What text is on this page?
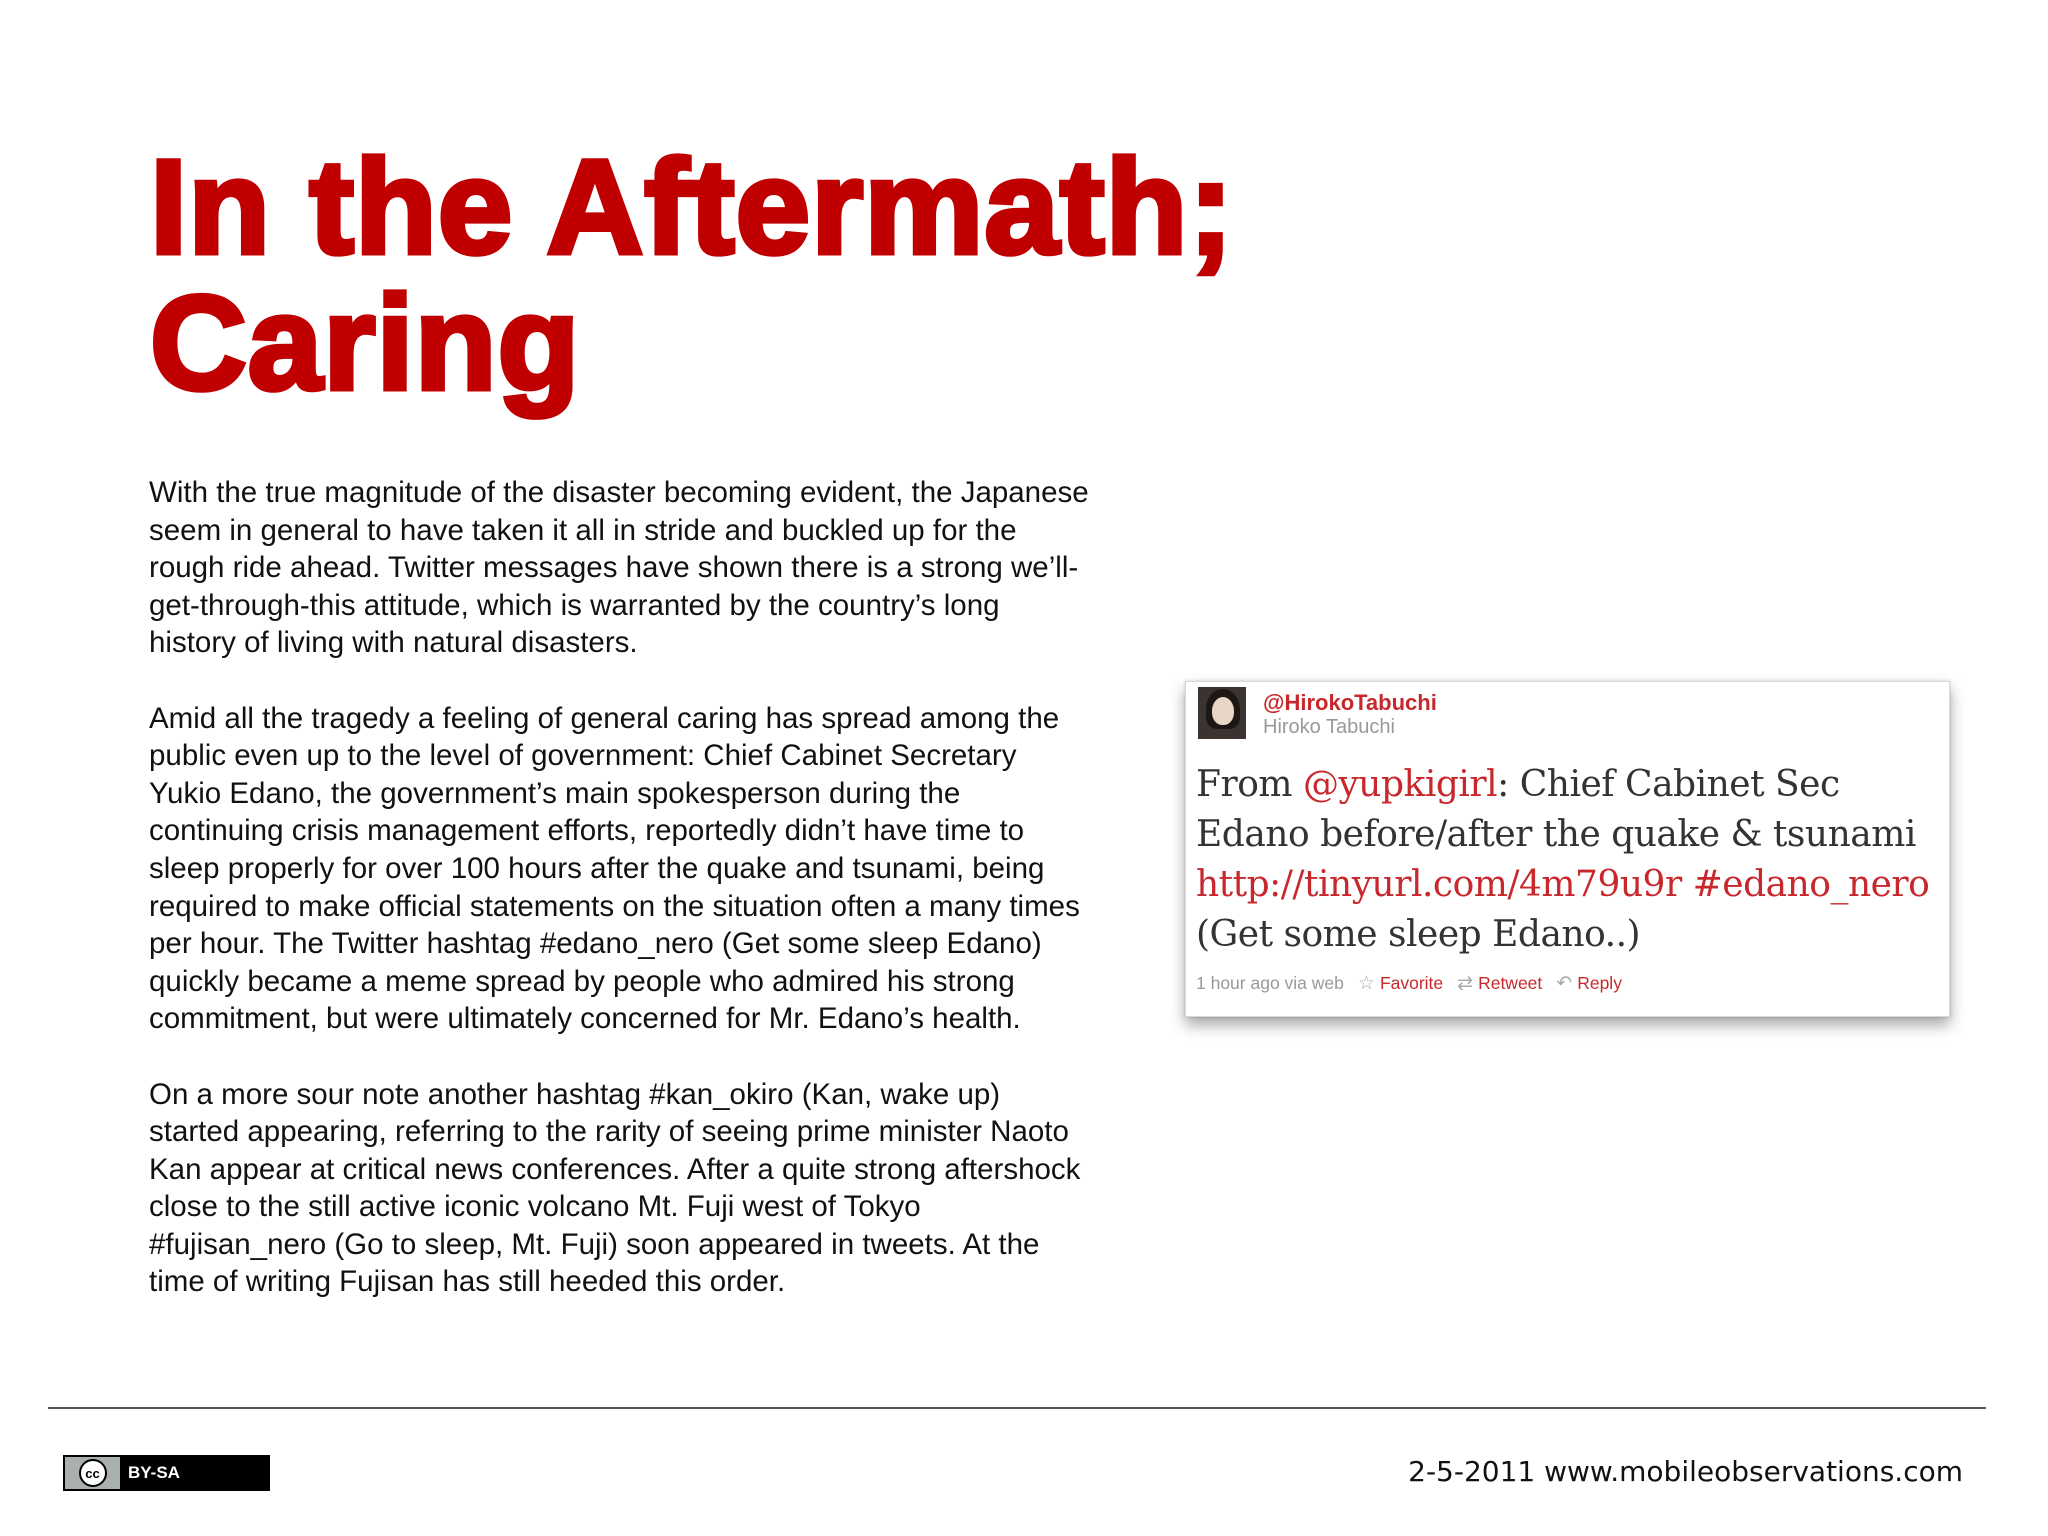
In the Aftermath;
Caring

With the true magnitude of the disaster becoming evident, the Japanese seem in general to have taken it all in stride and buckled up for the rough ride ahead. Twitter messages have shown there is a strong we’ll-get-through-this attitude, which is warranted by the country’s long history of living with natural disasters.

Amid all the tragedy a feeling of general caring has spread among the public even up to the level of government: Chief Cabinet Secretary Yukio Edano, the government’s main spokesperson during the continuing crisis management efforts, reportedly didn’t have time to sleep properly for over 100 hours after the quake and tsunami, being required to make official statements on the situation often a many times per hour. The Twitter hashtag #edano_nero (Get some sleep Edano) quickly became a meme spread by people who admired his strong commitment, but were ultimately concerned for Mr. Edano’s health.

On a more sour note another hashtag #kan_okiro (Kan, wake up) started appearing, referring to the rarity of seeing prime minister Naoto Kan appear at critical news conferences. After a quite strong aftershock close to the still active iconic volcano Mt. Fuji west of Tokyo #fujisan_nero (Go to sleep, Mt. Fuji) soon appeared in tweets. At the time of writing Fujisan has still heeded this order.

@HirokoTabuchi
Hiroko Tabuchi
From @yupkigirl: Chief Cabinet Sec Edano before/after the quake & tsunami http://tinyurl.com/4m79u9r #edano_nero (Get some sleep Edano..)
1 hour ago via web ☆ Favorite ⇄ Retweet ↶ Reply
cc	BY-SA	2-5-2011 www.mobileobservations.com
